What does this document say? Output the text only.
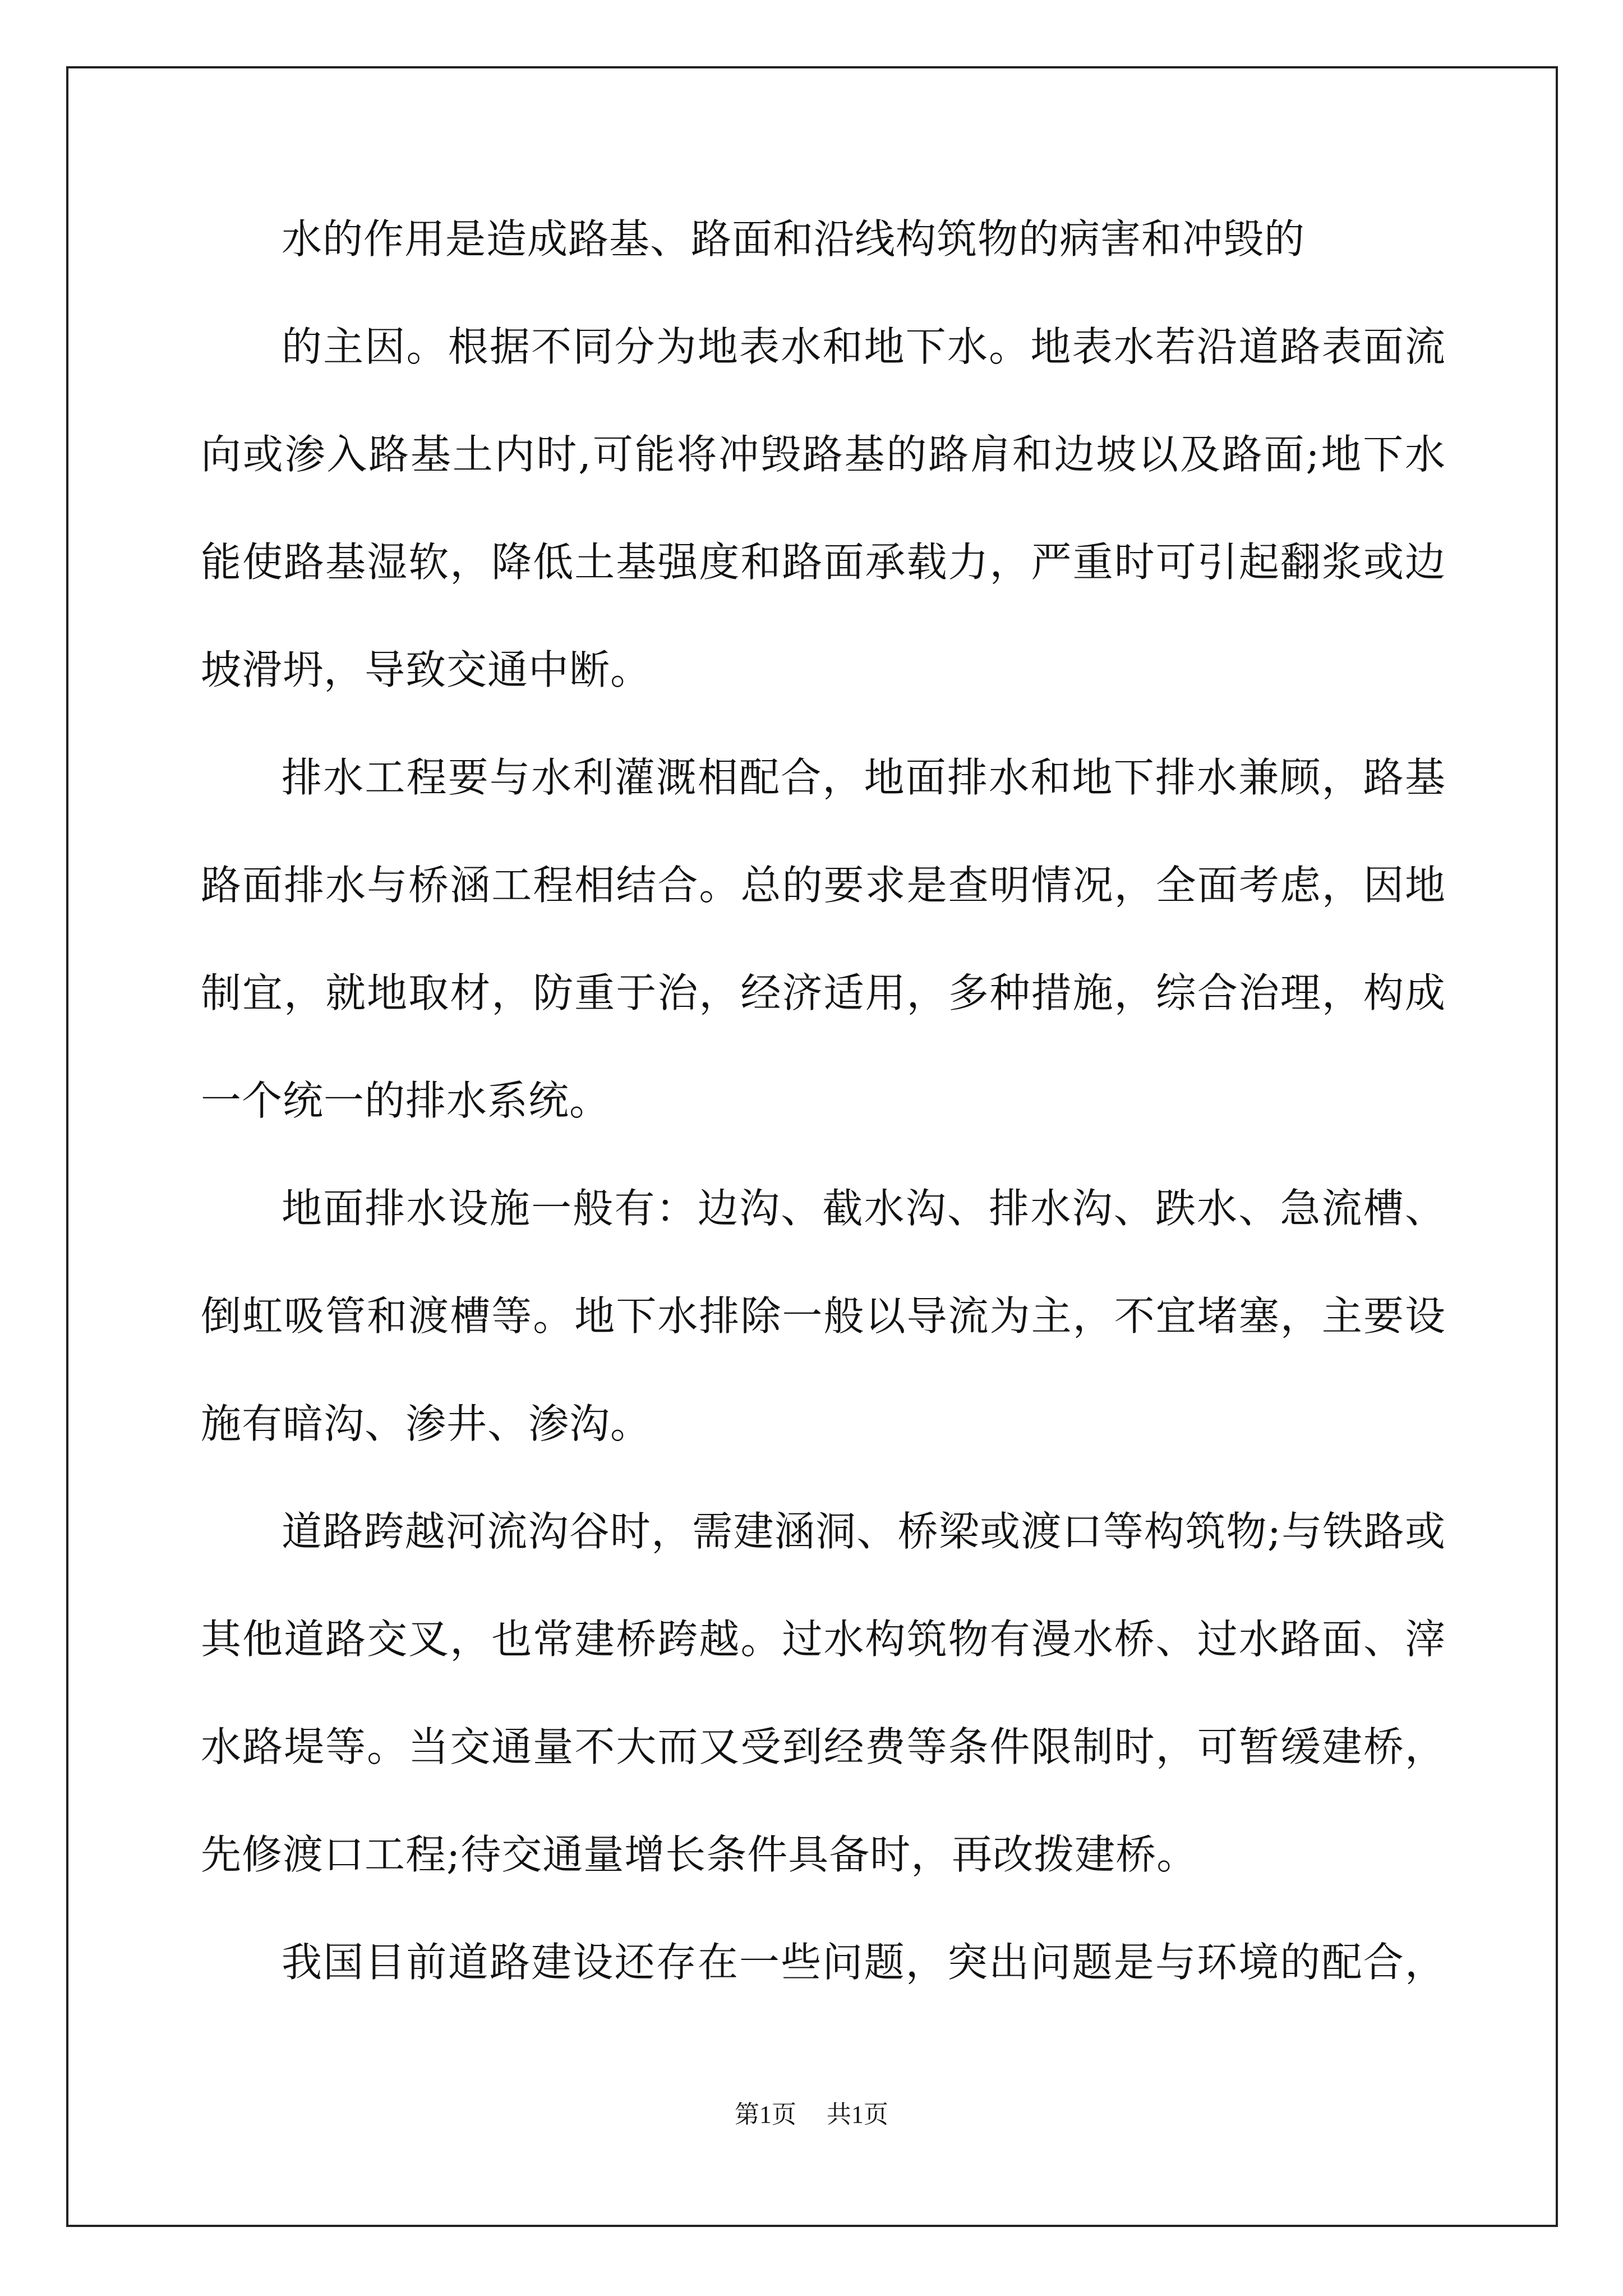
水的作用是造成路基、路面和沿线构筑物的病害和冲毁的
的主因。根据不同分为地表水和地下水。地表水若沿道路表面流
向或渗入路基土内时,可能将冲毁路基的路肩和边坡以及路面;地下水
能使路基湿软，降低土基强度和路面承载力，严重时可引起翻浆或边
坡滑坍，导致交通中断。
排水工程要与水利灌溉相配合，地面排水和地下排水兼顾，路基
路面排水与桥涵工程相结合。总的要求是查明情况，全面考虑，因地
制宜，就地取材，防重于治，经济适用，多种措施，综合治理，构成
一个统一的排水系统。
地面排水设施一般有：边沟、截水沟、排水沟、跌水、急流槽、
倒虹吸管和渡槽等。地下水排除一般以导流为主，不宜堵塞，主要设
施有暗沟、渗井、渗沟。
道路跨越河流沟谷时，需建涵洞、桥梁或渡口等构筑物;与铁路或
其他道路交叉，也常建桥跨越。过水构筑物有漫水桥、过水路面、滓
水路堤等。当交通量不大而又受到经费等条件限制时，可暂缓建桥，
先修渡口工程;待交通量增长条件具备时，再改拨建桥。
我国目前道路建设还存在一些问题，突出问题是与环境的配合，
第1页 共1页
